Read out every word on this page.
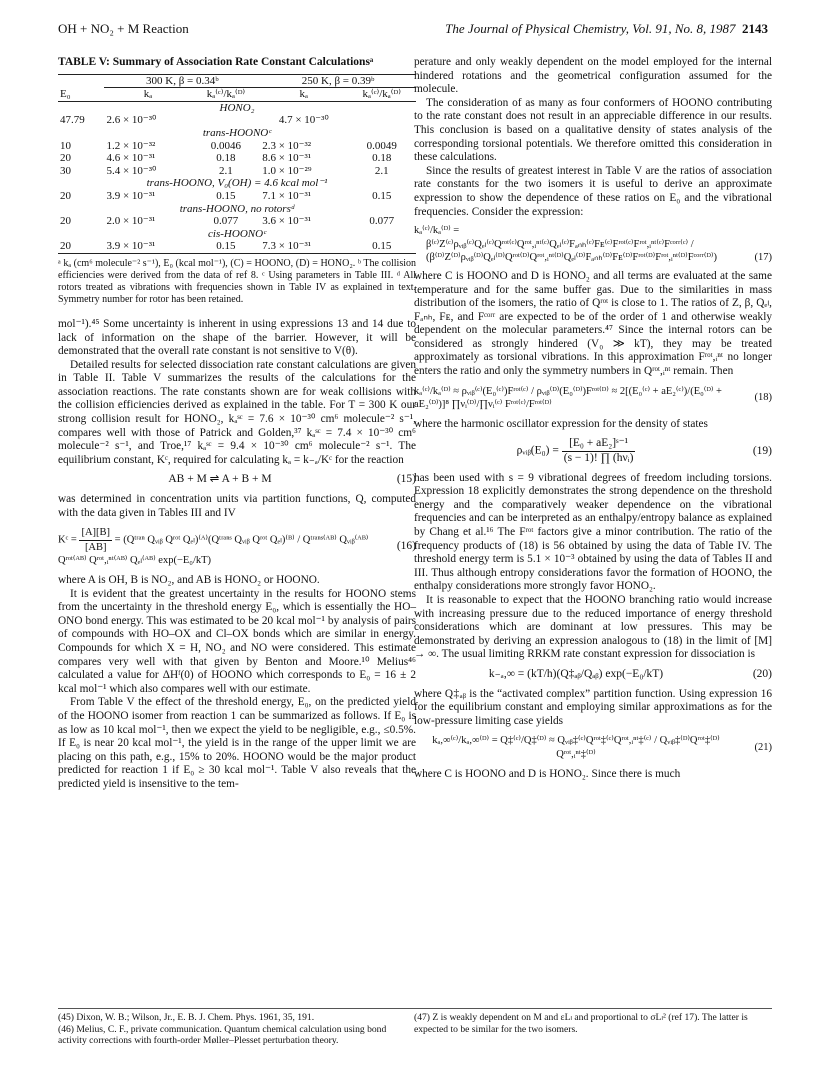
OH + NO₂ + M Reaction	The Journal of Physical Chemistry, Vol. 91, No. 8, 1987 2143
TABLE V: Summary of Association Rate Constant Calculationsᵃ
	300 K, β = 0.34ᵇ		250 K, β = 0.39ᵇ	
E₀	kₐ	kₐ⁽ᶜ⁾/kₐ⁽ᴰ⁾	kₐ	kₐ⁽ᶜ⁾/kₐ⁽ᴰ⁾
HONO₂				
47.79	2.6 × 10⁻³⁰		4.7 × 10⁻³⁰	
trans-HOONOᶜ				
10	1.2 × 10⁻³²	0.0046	2.3 × 10⁻³²	0.0049
20	4.6 × 10⁻³¹	0.18	8.6 × 10⁻³¹	0.18
30	5.4 × 10⁻³⁰	2.1	1.0 × 10⁻²⁹	2.1
trans-HOONO, V₀(OH) = 4.6 kcal mol⁻¹				
20	3.9 × 10⁻³¹	0.15	7.1 × 10⁻³¹	0.15
trans-HOONO, no rotorsᵈ				
20	2.0 × 10⁻³¹	0.077	3.6 × 10⁻³¹	0.077
cis-HOONOᶜ				
20	3.9 × 10⁻³¹	0.15	7.3 × 10⁻³¹	0.15
ᵃ kₐ (cm⁶ molecule⁻² s⁻¹), E₀ (kcal mol⁻¹), (C) = HOONO, (D) = HONO₂. ᵇ The collision efficiencies were derived from the data of ref 8. ᶜ Using parameters in Table III. ᵈ All rotors treated as vibrations with frequencies shown in Table IV as explained in text. Symmetry number for rotor has been retained.

mol⁻¹).⁴⁵ Some uncertainty is inherent in using expressions 13 and 14 due to lack of information on the shape of the barrier. However, it will be demonstrated that the overall rate constant is not sensitive to V(θ).

Detailed results for selected dissociation rate constant calculations are given in Table II. Table V summarizes the results of the calculations for the association reactions. The rate constants shown are for weak collisions with the collision efficiencies derived as explained in the table. For T = 300 K our strong collision result for HONO₂, kₐˢᶜ = 7.6 × 10⁻³⁰ cm⁶ molecule⁻² s⁻¹, compares well with those of Patrick and Golden,³⁷ kₐˢᶜ = 7.4 × 10⁻³⁰ cm⁶ molecule⁻² s⁻¹, and Troe,¹⁷ kₐˢᶜ = 9.4 × 10⁻³⁰ cm⁶ molecule⁻² s⁻¹. The equilibrium constant, Kᶜ, required for calculating kₐ = k₋ₐ/Kᶜ for the reaction

AB + M ⇌ A + B + M	(15)

was determined in concentration units via partition functions, Q, computed with the data given in Tables III and IV

Kᶜ = $\frac{[A][B]}{[AB]}$ = (Qᵗʳᵃⁿ Qᵥᵢᵦ Qʳᵒᵗ Qₑₗ)⁽ᴬ⁾(Qᵗʳᵃⁿˢ Qᵥᵢᵦ Qʳᵒᵗ Qₑₗ)⁽ᴮ⁾ / Qᵗʳᵃⁿˢ⁽ᴬᴮ⁾ Qᵥᵢᵦ⁽ᴬᴮ⁾ Qʳᵒᵗ⁽ᴬᴮ⁾ Qʳᵒᵗ,ᵢⁿᵗ⁽ᴬᴮ⁾ Qₑₗ⁽ᴬᴮ⁾ exp(−E₀/kT)
(16)

where A is OH, B is NO₂, and AB is HONO₂ or HOONO.

It is evident that the greatest uncertainty in the results for HOONO stems from the uncertainty in the threshold energy E₀, which is essentially the HO–ONO bond energy. This was estimated to be 20 kcal mol⁻¹ by analysis of pairs of compounds with HO–OX and Cl–OX bonds which are similar in energy. Compounds for which X = H, NO₂ and NO were considered. This estimate compares very well with that given by Benton and Moore.¹⁰ Melius⁴⁶ calculated a value for ΔHᶠ(0) of HOONO which corresponds to E₀ = 16 ± 2 kcal mol⁻¹ which also compares well with our estimate.

From Table V the effect of the threshold energy, E₀, on the predicted yield of the HOONO isomer from reaction 1 can be summarized as follows. If E₀ is as low as 10 kcal mol⁻¹, then we expect the yield to be negligible, e.g., ≤0.5%. If E₀ is near 20 kcal mol⁻¹, the yield is in the range of the upper limit we are placing on this path, e.g., 15% to 20%. HOONO would be the major product predicted for reaction 1 if E₀ ≥ 30 kcal mol⁻¹. Table V also reveals that the predicted yield is insensitive to the tem-

perature and only weakly dependent on the model employed for the internal hindered rotations and the geometrical configuration assumed for the molecule.

The consideration of as many as four conformers of HOONO contributing to the rate constant does not result in an appreciable difference in our results. This conclusion is based on a qualitative density of states analysis of the corresponding torsional potentials. We therefore omitted this consideration in these calculations.

Since the results of greatest interest in Table V are the ratios of association rate constants for the two isomers it is useful to derive an approximate expression to show the dependence of these ratios on E₀ and the vibrational frequencies. Consider the expression:

kₐ⁽ᶜ⁾/kₐ⁽ᴰ⁾ =
β⁽ᶜ⁾Z⁽ᶜ⁾ρᵥᵢᵦ⁽ᶜ⁾Qₑₗ⁽ᶜ⁾Qʳᵒᵗ⁽ᶜ⁾Qʳᵒᵗ,ᵢⁿᵗ⁽ᶜ⁾Qₑₗ⁽ᶜ⁾Fₐₙₕ⁽ᶜ⁾Fᴇ⁽ᶜ⁾Fʳᵒᵗ⁽ᶜ⁾Fʳᵒᵗ,ᵢⁿᵗ⁽ᶜ⁾Fᶜᵒʳʳ⁽ᶜ⁾ /
(β⁽ᴰ⁾Z⁽ᴰ⁾ρᵥᵢᵦ⁽ᴰ⁾Qₑₗ⁽ᴰ⁾Qʳᵒᵗ⁽ᴰ⁾Qʳᵒᵗ,ᵢⁿᵗ⁽ᴰ⁾Qₑₗ⁽ᴰ⁾Fₐₙₕ⁽ᴰ⁾Fᴇ⁽ᴰ⁾Fʳᵒᵗ⁽ᴰ⁾Fʳᵒᵗ,ᵢⁿᵗ⁽ᴰ⁾Fᶜᵒʳʳ⁽ᴰ⁾)	(17)

where C is HOONO and D is HONO₂ and all terms are evaluated at the same temperature and for the same buffer gas. Due to the similarities in mass distribution of the isomers, the ratio of Qʳᵒᵗ is close to 1. The ratios of Z, β, Qₑₗ, Fₐₙₕ, Fᴇ, and Fᶜᵒʳʳ are expected to be of the order of 1 and otherwise weakly dependent on the molecular parameters.⁴⁷ Since the internal rotors can be considered as strongly hindered (V₀ ≫ kT), they may be treated approximately as torsional vibrations. In this approximation Fʳᵒᵗ,ᵢⁿᵗ no longer enters the ratio and only the symmetry numbers in Qʳᵒᵗ,ᵢⁿᵗ remain. Then

kₐ⁽ᶜ⁾/kₐ⁽ᴰ⁾ ≈ ρᵥᵢᵦ⁽ᶜ⁾(E₀⁽ᶜ⁾)Fʳᵒᵗ⁽ᶜ⁾ / ρᵥᵢᵦ⁽ᴰ⁾(E₀⁽ᴰ⁾)Fʳᵒᵗ⁽ᴰ⁾ ≈ 2[(E₀⁽ᶜ⁾ + aE₂⁽ᶜ⁾)/(E₀⁽ᴰ⁾ + aE₂⁽ᴰ⁾)]⁸ ∏νᵢ⁽ᴰ⁾/∏νᵢ⁽ᶜ⁾ Fʳᵒᵗ⁽ᶜ⁾/Fʳᵒᵗ⁽ᴰ⁾
(18)

where the harmonic oscillator expression for the density of states

ρᵥᵢᵦ(E₀) = $\frac{\text{[E₀ + aE₂]ˢ⁻¹}}{\text{(s − 1)! ∏ (hνᵢ)}}$	(19)

has been used with s = 9 vibrational degrees of freedom including torsions. Expression 18 explicitly demonstrates the strong dependence on the threshold energy and the comparatively weaker dependence on the vibrational frequencies and can be interpreted as an enthalpy/entropy balance as explained by Chang et al.¹⁶ The Fʳᵒᵗ factors give a minor contribution. The ratio of the frequency products of (18) is 56 obtained by using the data of Table IV. The threshold energy term is 5.1 × 10⁻³ obtained by using the data of Tables II and III. Thus although entropy considerations favor the formation of HOONO, the enthalpy considerations more strongly favor HONO₂.

It is reasonable to expect that the HOONO branching ratio would increase with increasing pressure due to the reduced importance of energy threshold considerations which are dominant at low pressures. This may be demonstrated by deriving an expression analogous to (18) in the limit of [M] → ∞. The usual limiting RRKM rate constant expression for dissociation is

k₋ₐ,∞ = (kT/h)(Q‡ₐᵦ/Qₐᵦ) exp(−E₀/kT)	(20)

where Q‡ₐᵦ is the “activated complex” partition function. Using expression 16 for the equilibrium constant and employing similar approximations as for the low-pressure limiting case yields

kₐ,∞⁽ᶜ⁾/kₐ,∞⁽ᴰ⁾ = Q‡⁽ᶜ⁾/Q‡⁽ᴰ⁾ ≈ Qᵥᵢᵦ‡⁽ᶜ⁾Qʳᵒᵗ‡⁽ᶜ⁾Qʳᵒᵗ,ᵢⁿᵗ‡⁽ᶜ⁾ / Qᵥᵢᵦ‡⁽ᴰ⁾Qʳᵒᵗ‡⁽ᴰ⁾Qʳᵒᵗ,ᵢⁿᵗ‡⁽ᴰ⁾
(21)

where C is HOONO and D is HONO₂. Since there is much

(45) Dixon, W. B.; Wilson, Jr., E. B. J. Chem. Phys. 1961, 35, 191.
(46) Melius, C. F., private communication. Quantum chemical calculation using bond activity corrections with fourth-order Møller–Plesset perturbation theory.
(47) Z is weakly dependent on M and εLₗ and proportional to σLₗ² (ref 17). The latter is expected to be similar for the two isomers.
